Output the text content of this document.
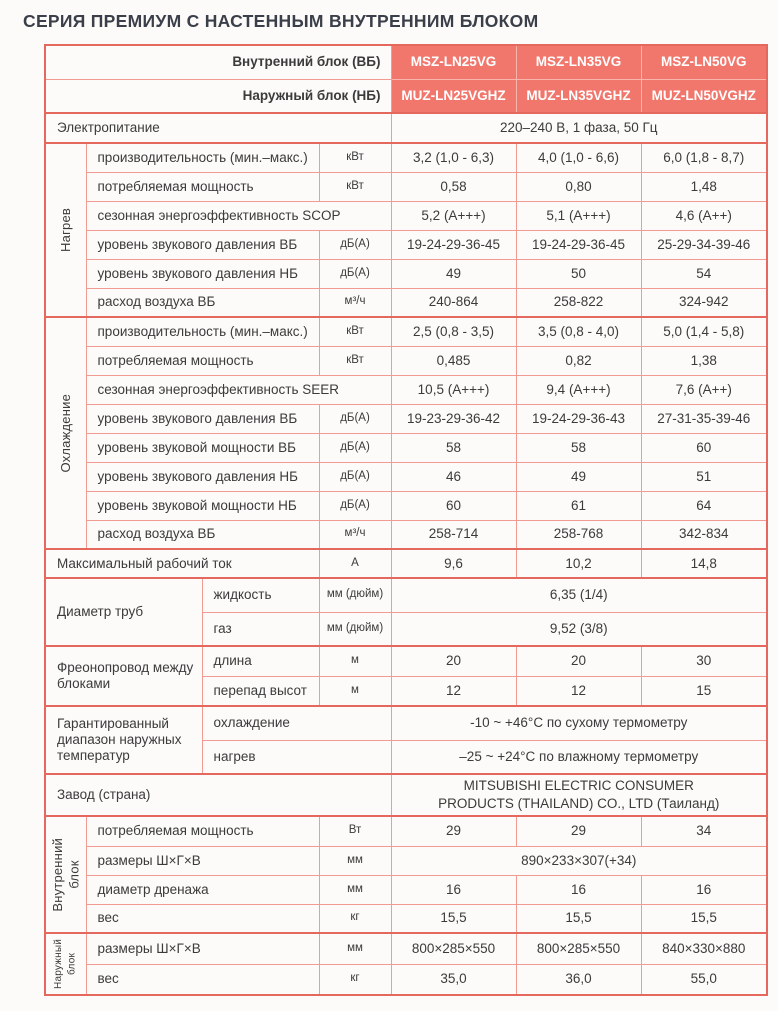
СЕРИЯ ПРЕМИУМ С НАСТЕННЫМ ВНУТРЕННИМ БЛОКОМ
Внутренний блок (ВБ)				MSZ-LN25VG	MSZ-LN35VG	MSZ-LN50VG
Наружный блок (НБ)				MUZ-LN25VGHZ	MUZ-LN35VGHZ	MUZ-LN50VGHZ
Электропитание				220–240 В, 1 фаза, 50 Гц		

Нагрев	производительность (мин.–макс.)		кВт	3,2 (1,0 - 6,3)	4,0 (1,0 - 6,6)	6,0 (1,8 - 8,7)
	потребляемая мощность		кВт	0,58	0,80	1,48
	сезонная энергоэффективность SCOP			5,2 (A+++)	5,1 (A+++)	4,6 (A++)
	уровень звукового давления ВБ		дБ(А)	19-24-29-36-45	19-24-29-36-45	25-29-34-39-46
	уровень звукового давления НБ		дБ(А)	49	50	54
	расход воздуха ВБ		м³/ч	240-864	258-822	324-942

Охлаждение	производительность (мин.–макс.)		кВт	2,5 (0,8 - 3,5)	3,5 (0,8 - 4,0)	5,0 (1,4 - 5,8)
	потребляемая мощность		кВт	0,485	0,82	1,38
	сезонная энергоэффективность SEER			10,5 (A+++)	9,4 (A+++)	7,6 (A++)
	уровень звукового давления ВБ		дБ(А)	19-23-29-36-42	19-24-29-36-43	27-31-35-39-46
	уровень звуковой мощности ВБ		дБ(А)	58	58	60
	уровень звукового давления НБ		дБ(А)	46	49	51
	уровень звуковой мощности НБ		дБ(А)	60	61	64
	расход воздуха ВБ		м³/ч	258-714	258-768	342-834
Максимальный рабочий ток			А	9,6	10,2	14,8
Диаметр труб		жидкость	мм (дюйм)	6,35 (1/4)		
		газ	мм (дюйм)	9,52 (3/8)		
Фреонопровод между блоками		длина	м	20	20	30
		перепад высот	м	12	12	15
Гарантированный диапазон наружных температур		охлаждение		-10 ~ +46°С по сухому термометру		
		нагрев		–25 ~ +24°С по влажному термометру		
Завод (страна)				MITSUBISHI ELECTRIC CONSUMER PRODUCTS (THAILAND) CO., LTD (Таиланд)		

Внутренний
блок	потребляемая мощность		Вт	29	29	34
	размеры Ш×Г×В		мм	890×233×307(+34)		
	диаметр дренажа		мм	16	16	16
	вес		кг	15,5	15,5	15,5

Наружный блок	размеры Ш×Г×В		мм	800×285×550	800×285×550	840×330×880
	вес		кг	35,0	36,0	55,0
